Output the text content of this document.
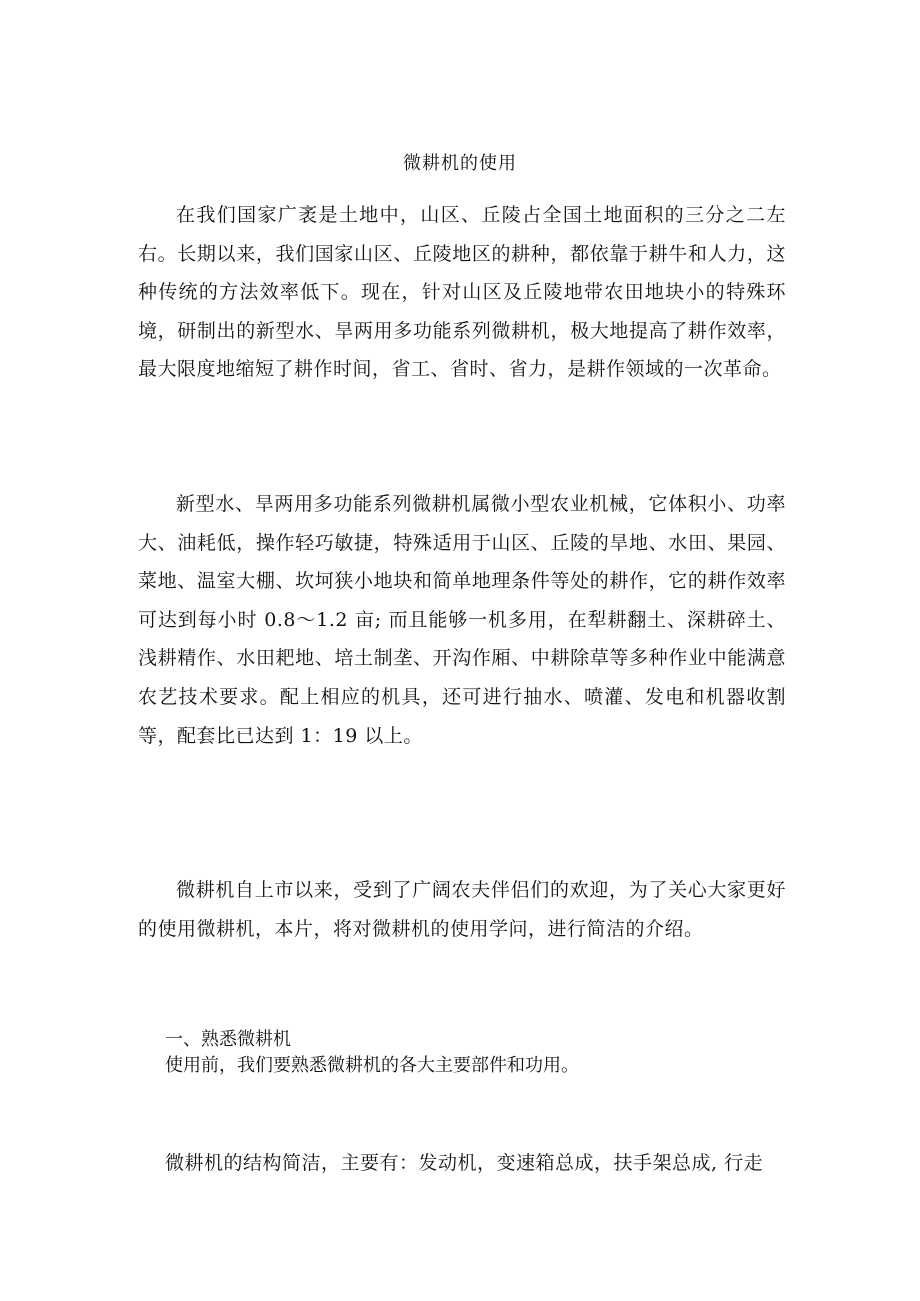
微耕机的使用

在我们国家广袤是土地中，山区、丘陵占全国土地面积的三分之二左右。长期以来，我们国家山区、丘陵地区的耕种，都依靠于耕牛和人力，这种传统的方法效率低下。现在，针对山区及丘陵地带农田地块小的特殊环境，研制出的新型水、旱两用多功能系列微耕机，极大地提高了耕作效率，最大限度地缩短了耕作时间，省工、省时、省力，是耕作领域的一次革命。

新型水、旱两用多功能系列微耕机属微小型农业机械，它体积小、功率大、油耗低，操作轻巧敏捷，特殊适用于山区、丘陵的旱地、水田、果园、菜地、温室大棚、坎坷狭小地块和简单地理条件等处的耕作，它的耕作效率可达到每小时 0.8～1.2 亩; 而且能够一机多用，在犁耕翻土、深耕碎土、浅耕精作、水田耙地、培土制垄、开沟作厢、中耕除草等多种作业中能满意农艺技术要求。配上相应的机具，还可进行抽水、喷灌、发电和机器收割等，配套比已达到 1：19 以上。

微耕机自上市以来，受到了广阔农夫伴侣们的欢迎，为了关心大家更好的使用微耕机，本片，将对微耕机的使用学问，进行简洁的介绍。

一、熟悉微耕机

使用前，我们要熟悉微耕机的各大主要部件和功用。

微耕机的结构简洁，主要有：发动机，变速箱总成，扶手架总成, 行走
